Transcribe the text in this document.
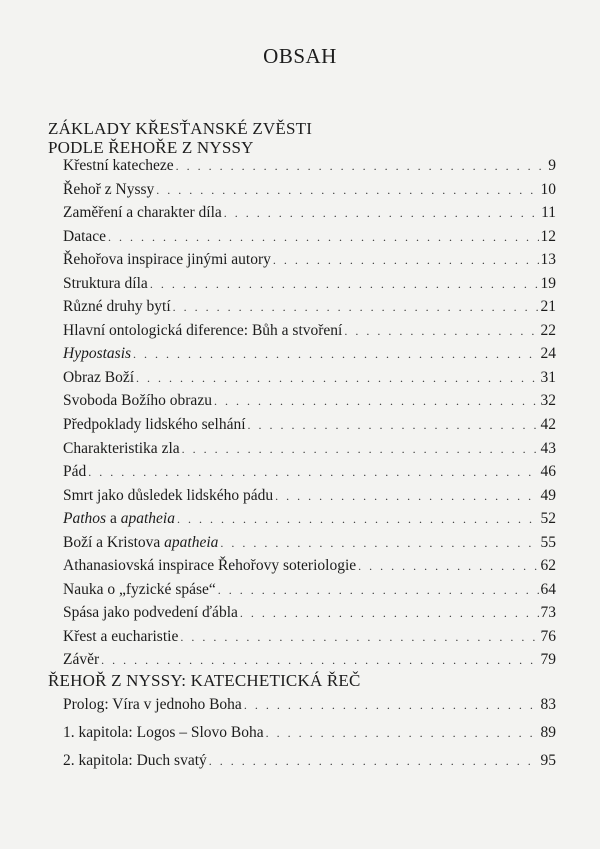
OBSAH
ZÁKLADY KŘESŤANSKÉ ZVĚSTI
PODLE ŘEHOŘE Z NYSSY
Křestní katecheze . . .	9
Řehoř z Nyssy . . .	10
Zaměření a charakter díla . . .	11
Datace . . .	12
Řehořova inspirace jinými autory . . .	13
Struktura díla . . .	19
Různé druhy bytí . . .	21
Hlavní ontologická diference: Bůh a stvoření . . .	22
Hypostasis . . .	24
Obraz Boží . . .	31
Svoboda Božího obrazu . . .	32
Předpoklady lidského selhání . . .	42
Charakteristika zla . . .	43
Pád . . .	46
Smrt jako důsledek lidského pádu . . .	49
Pathos a apatheia . . .	52
Boží a Kristova apatheia . . .	55
Athanasiovská inspirace Řehořovy soteriologie . . .	62
Nauka o „fyzické spáse“ . . .	64
Spása jako podvedení ďábla . . .	73
Křest a eucharistie . . .	76
Závěr . . .	79
ŘEHOŘ Z NYSSY: KATECHETICKÁ ŘEČ
Prolog: Víra v jednoho Boha . . .	83
1. kapitola: Logos – Slovo Boha . . .	89
2. kapitola: Duch svatý . . .	95
